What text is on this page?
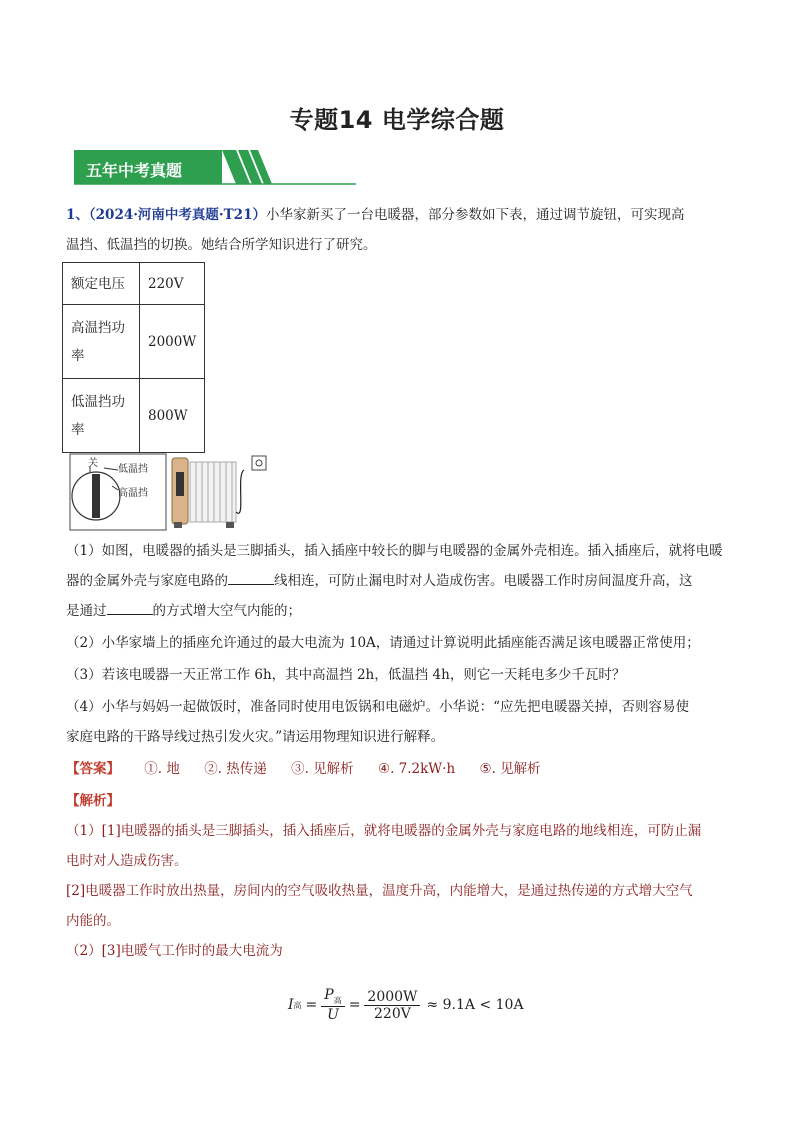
专题14 电学综合题
五年中考真题
1、（2024·河南中考真题·T21）小华家新买了一台电暖器，部分参数如下表，通过调节旋钮，可实现高
温挡、低温挡的切换。她结合所学知识进行了研究。
额定电压	220V

高温挡功
率	2000W

低温挡功
率	800W
关
低温挡
高温挡
（1）如图，电暖器的插头是三脚插头，插入插座中较长的脚与电暖器的金属外壳相连。插入插座后，就将电暖
器的金属外壳与家庭电路的	线相连，可防止漏电时对人造成伤害。电暖器工作时房间温度升高，这
是通过	的方式增大空气内能的；
（2）小华家墙上的插座允许通过的最大电流为 10A，请通过计算说明此插座能否满足该电暖器正常使用；
（3）若该电暖器一天正常工作 6h，其中高温挡 2h，低温挡 4h，则它一天耗电多少千瓦时？
（4）小华与妈妈一起做饭时，准备同时使用电饭锅和电磁炉。小华说：“应先把电暖器关掉，否则容易使
家庭电路的干路导线过热引发火灾。”请运用物理知识进行解释。
【答案】 ①. 地 ②. 热传递 ③. 见解析 ④. 7.2kW·h ⑤. 见解析
【解析】
（1）[1]电暖器的插头是三脚插头，插入插座后，就将电暖器的金属外壳与家庭电路的地线相连，可防止漏
电时对人造成伤害。
[2]电暖器工作时放出热量，房间内的空气吸收热量，温度升高，内能增大，是通过热传递的方式增大空气
内能的。
（2）[3]电暖气工作时的最大电流为
I 高 =
$P_高$
U
= $\frac{2000W}{220V} \approx 9.1A < 10A$
